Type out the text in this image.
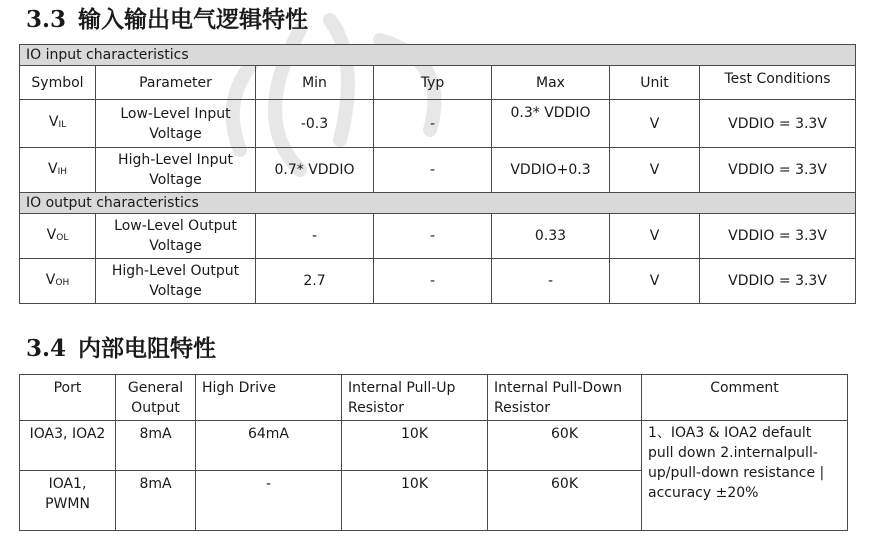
3.3 输入输出电气逻辑特性
IO input characteristics						
Symbol	Parameter	Min	Typ	Max	Unit	Test Conditions
$V_{IL}$	Low-Level Input Voltage	-0.3	-	0.3* VDDIO	V	VDDIO = 3.3V
$V_{IH}$	High-Level Input Voltage	0.7* VDDIO	-	VDDIO+0.3	V	VDDIO = 3.3V
IO output characteristics						
$V_{OL}$	Low-Level Output Voltage	-	-	0.33	V	VDDIO = 3.3V
$V_{OH}$	High-Level Output Voltage	2.7	-	-	V	VDDIO = 3.3V
3.4 内部电阻特性
Port	General Output	High Drive	Internal Pull-Up Resistor	Internal Pull-Down Resistor	Comment
IOA3, IOA2	8mA	64mA	10K	60K	1、IOA3 & IOA2 default pull down 2.internalpull-up/pull-down resistance | accuracy ±20%
IOA1, PWMN	8mA	-	10K	60K	
